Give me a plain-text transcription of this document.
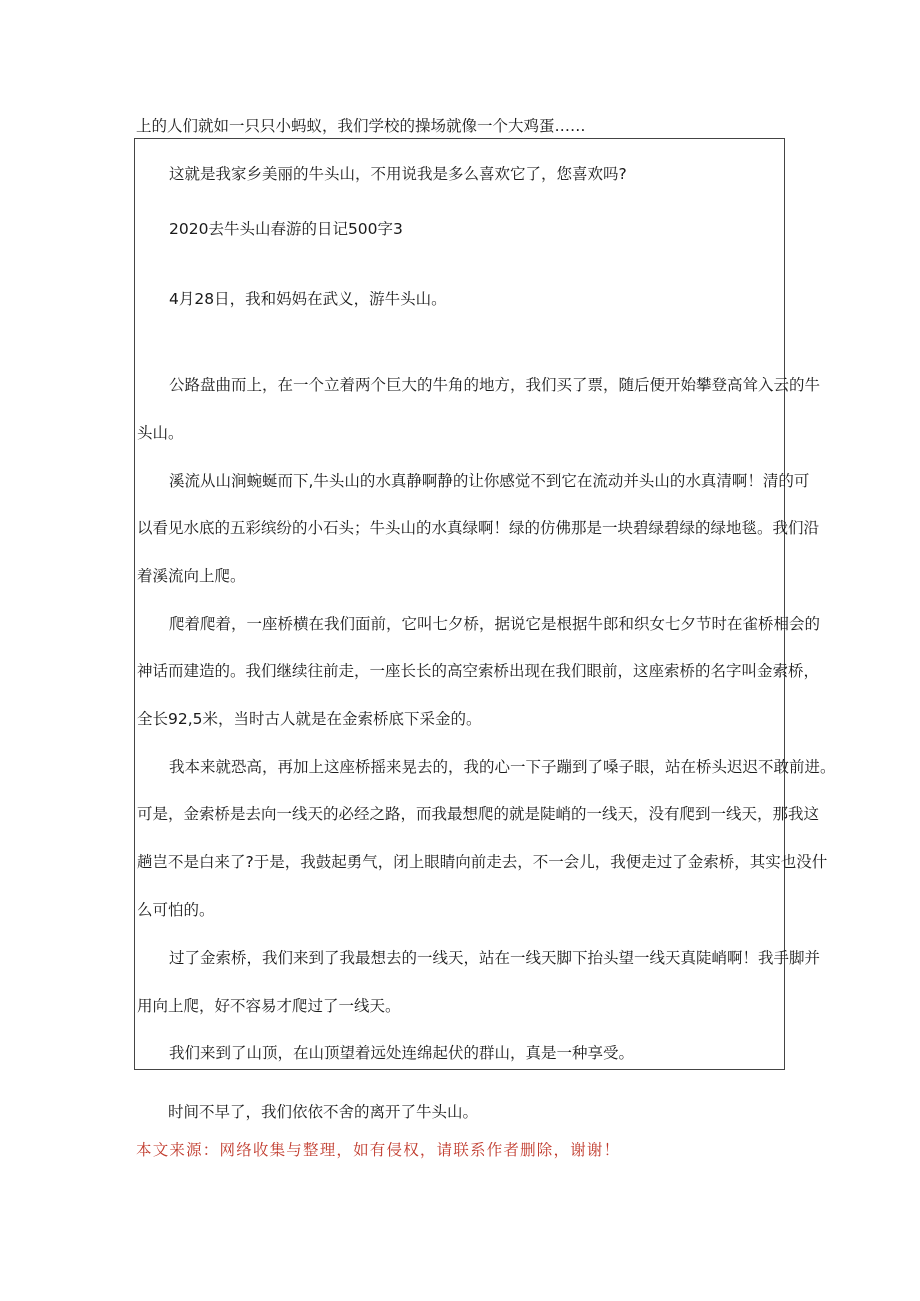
上的人们就如一只只小蚂蚁，我们学校的操场就像一个大鸡蛋……
这就是我家乡美丽的牛头山，不用说我是多么喜欢它了，您喜欢吗?
2020去牛头山春游的日记500字3
4月28日，我和妈妈在武义，游牛头山。
公路盘曲而上，在一个立着两个巨大的牛角的地方，我们买了票，随后便开始攀登高耸入云的牛
头山。
溪流从山涧蜿蜒而下,牛头山的水真静啊静的让你感觉不到它在流动并头山的水真清啊！清的可
以看见水底的五彩缤纷的小石头；牛头山的水真绿啊！绿的仿佛那是一块碧绿碧绿的绿地毯。我们沿
着溪流向上爬。
爬着爬着，一座桥横在我们面前，它叫七夕桥，据说它是根据牛郎和织女七夕节时在雀桥相会的
神话而建造的。我们继续往前走，一座长长的高空索桥出现在我们眼前，这座索桥的名字叫金索桥，
全长92,5米，当时古人就是在金索桥底下采金的。
我本来就恐高，再加上这座桥摇来晃去的，我的心一下子蹦到了嗓子眼，站在桥头迟迟不敢前进。
可是，金索桥是去向一线天的必经之路，而我最想爬的就是陡峭的一线天，没有爬到一线天，那我这
趟岂不是白来了?于是，我鼓起勇气，闭上眼睛向前走去，不一会儿，我便走过了金索桥，其实也没什
么可怕的。
过了金索桥，我们来到了我最想去的一线天，站在一线天脚下抬头望一线天真陡峭啊！我手脚并
用向上爬，好不容易才爬过了一线天。
我们来到了山顶，在山顶望着远处连绵起伏的群山，真是一种享受。
时间不早了，我们依依不舍的离开了牛头山。
本文来源：网络收集与整理，如有侵权，请联系作者删除，谢谢！
